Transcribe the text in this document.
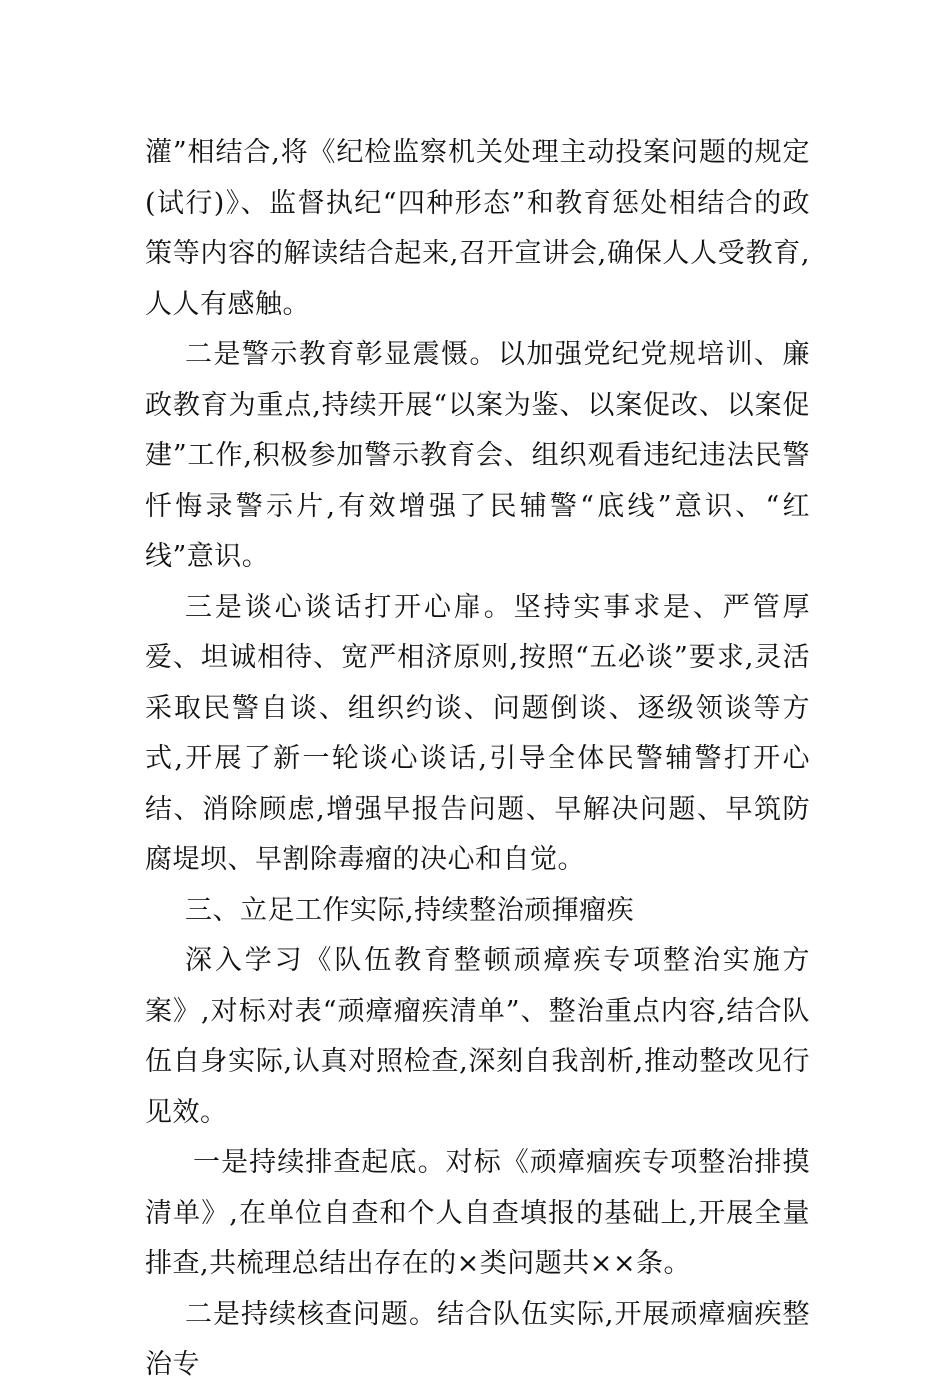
灌”相结合,将《纪检监察机关处理主动投案问题的规定(试行)》、监督执纪“四种形态”和教育惩处相结合的政策等内容的解读结合起来,召开宣讲会,确保人人受教育,人人有感触。

二是警示教育彰显震慑。以加强党纪党规培训、廉政教育为重点,持续开展“以案为鉴、以案促改、以案促建”工作,积极参加警示教育会、组织观看违纪违法民警忏悔录警示片,有效增强了民辅警“底线”意识、“红线”意识。

三是谈心谈话打开心扉。坚持实事求是、严管厚爱、坦诚相待、宽严相济原则,按照“五必谈”要求,灵活采取民警自谈、组织约谈、问题倒谈、逐级领谈等方式,开展了新一轮谈心谈话,引导全体民警辅警打开心结、消除顾虑,增强早报告问题、早解决问题、早筑防腐堤坝、早割除毒瘤的决心和自觉。

三、立足工作实际,持续整治顽揮瘤疾

深入学习《队伍教育整顿顽瘴疾专项整治实施方案》,对标对表“顽瘴瘤疾清单”、整治重点内容,结合队伍自身实际,认真对照检查,深刻自我剖析,推动整改见行见效。

一是持续排查起底。对标《顽瘴痼疾专项整治排摸清单》,在单位自查和个人自查填报的基础上,开展全量排查,共梳理总结出存在的×类问题共××条。

二是持续核查问题。结合队伍实际,开展顽瘴痼疾整治专
